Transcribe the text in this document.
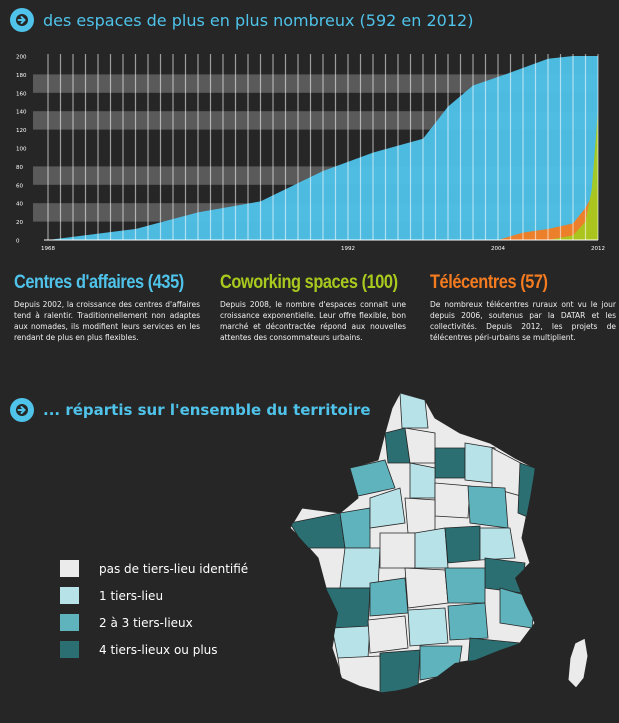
des espaces de plus en plus nombreux (592 en 2012)
0
20
40
60
80
100
120
140
160
180
200
1968	1992	2004	2012
Centres d'affaires (435)

Depuis 2002, la croissance des centres d'affaires tend à ralentir. Traditionnellement non adaptes aux nomades, ils modifient leurs services en les rendant de plus en plus flexibles.

Coworking spaces (100)

Depuis 2008, le nombre d'espaces connait une croissance exponentielle. Leur offre flexible, bon marché et décontractée répond aux nouvelles attentes des consommateurs urbains.

Télécentres (57)

De nombreux télécentres ruraux ont vu le jour depuis 2006, soutenus par la DATAR et les collectivités. Depuis 2012, les projets de télécentres péri-urbains se multiplient.

... répartis sur l'ensemble du territoire
pas de tiers-lieu identifié
1 tiers-lieu
2 à 3 tiers-lieux
4 tiers-lieux ou plus
